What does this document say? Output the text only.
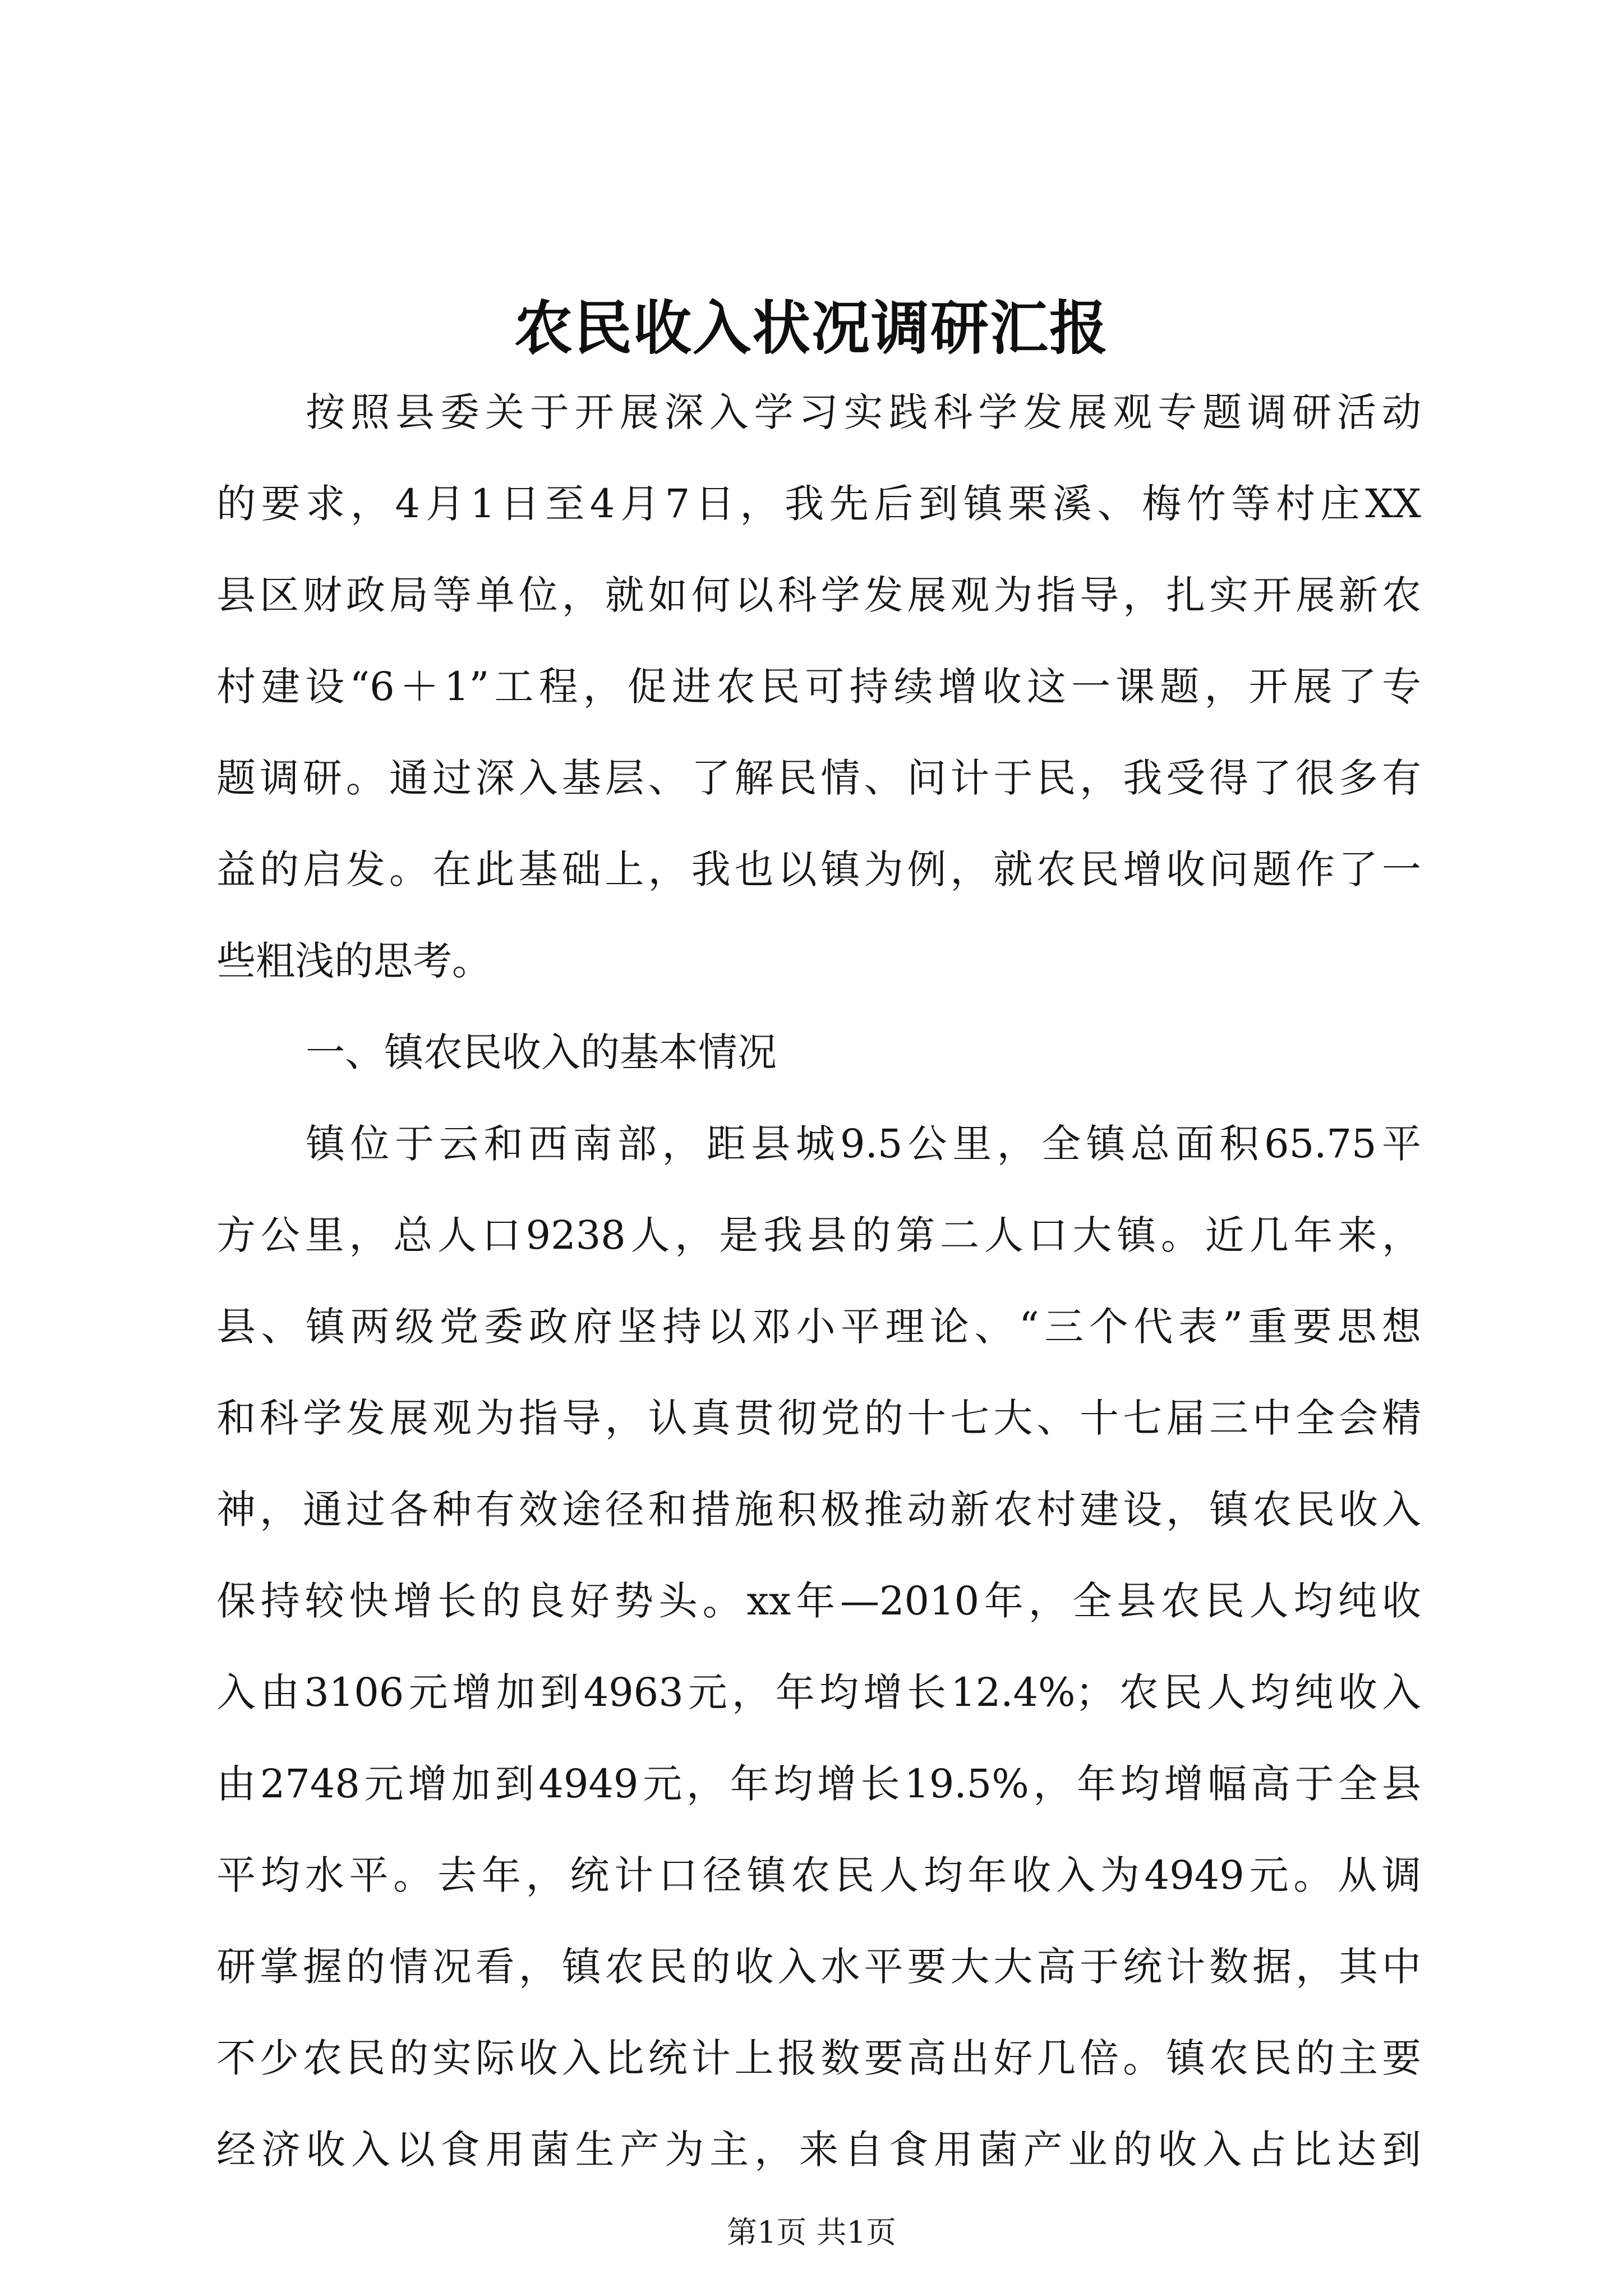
农民收入状况调研汇报
按照县委关于开展深入学习实践科学发展观专题调研活动
的要求，4月1日至4月7日，我先后到镇栗溪、梅竹等村庄XX
县区财政局等单位，就如何以科学发展观为指导，扎实开展新农
村建设“6＋1”工程，促进农民可持续增收这一课题，开展了专
题调研。通过深入基层、了解民情、问计于民，我受得了很多有
益的启发。在此基础上，我也以镇为例，就农民增收问题作了一
些粗浅的思考。
一、镇农民收入的基本情况
镇位于云和西南部，距县城9.5公里，全镇总面积65.75平
方公里，总人口9238人，是我县的第二人口大镇。近几年来，
县、镇两级党委政府坚持以邓小平理论、“三个代表”重要思想
和科学发展观为指导，认真贯彻党的十七大、十七届三中全会精
神，通过各种有效途径和措施积极推动新农村建设，镇农民收入
保持较快增长的良好势头。xx年—2010年，全县农民人均纯收
入由3106元增加到4963元，年均增长12.4%；农民人均纯收入
由2748元增加到4949元，年均增长19.5%，年均增幅高于全县
平均水平。去年，统计口径镇农民人均年收入为4949元。从调
研掌握的情况看，镇农民的收入水平要大大高于统计数据，其中
不少农民的实际收入比统计上报数要高出好几倍。镇农民的主要
经济收入以食用菌生产为主，来自食用菌产业的收入占比达到
第1页 共1页
